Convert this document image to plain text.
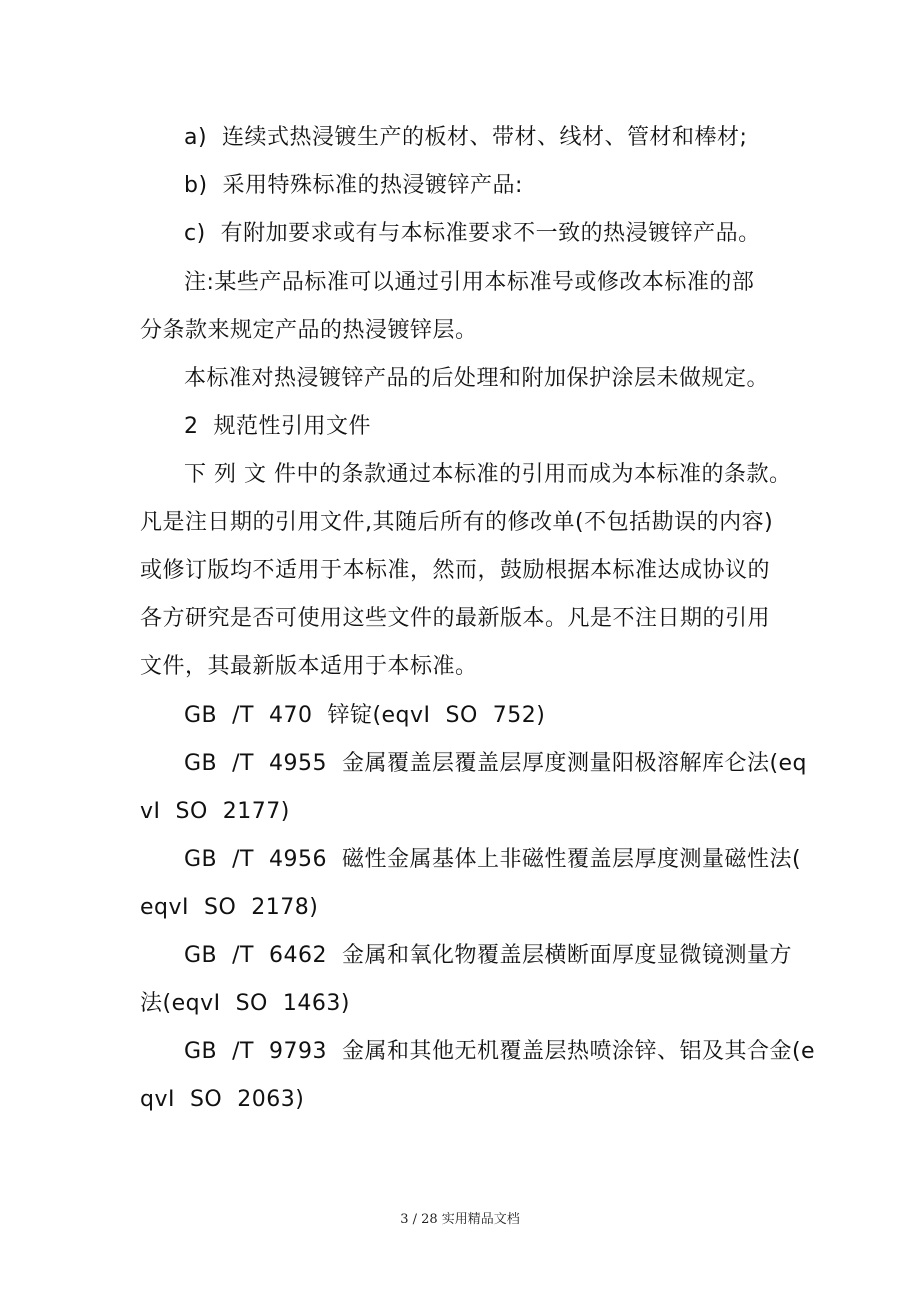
a)  连续式热浸镀生产的板材、带材、线材、管材和棒材;

b)  采用特殊标准的热浸镀锌产品:

c)  有附加要求或有与本标准要求不一致的热浸镀锌产品。

注:某些产品标准可以通过引用本标准号或修改本标准的部

分条款来规定产品的热浸镀锌层。

本标准对热浸镀锌产品的后处理和附加保护涂层未做规定。

2  规范性引用文件

下 列 文 件中的条款通过本标准的引用而成为本标准的条款。

凡是注日期的引用文件,其随后所有的修改单(不包括勘误的内容)

或修订版均不适用于本标准，然而，鼓励根据本标准达成协议的

各方研究是否可使用这些文件的最新版本。凡是不注日期的引用

文件，其最新版本适用于本标准。

GB  /T  470  锌锭(eqvI  SO  752)

GB  /T  4955  金属覆盖层覆盖层厚度测量阳极溶解库仑法(eq

vI  SO  2177)

GB  /T  4956  磁性金属基体上非磁性覆盖层厚度测量磁性法(

eqvI  SO  2178)

GB  /T  6462  金属和氧化物覆盖层横断面厚度显微镜测量方

法(eqvI  SO  1463)

GB  /T  9793  金属和其他无机覆盖层热喷涂锌、铝及其合金(e

qvI  SO  2063)

3 / 28 实用精品文档
